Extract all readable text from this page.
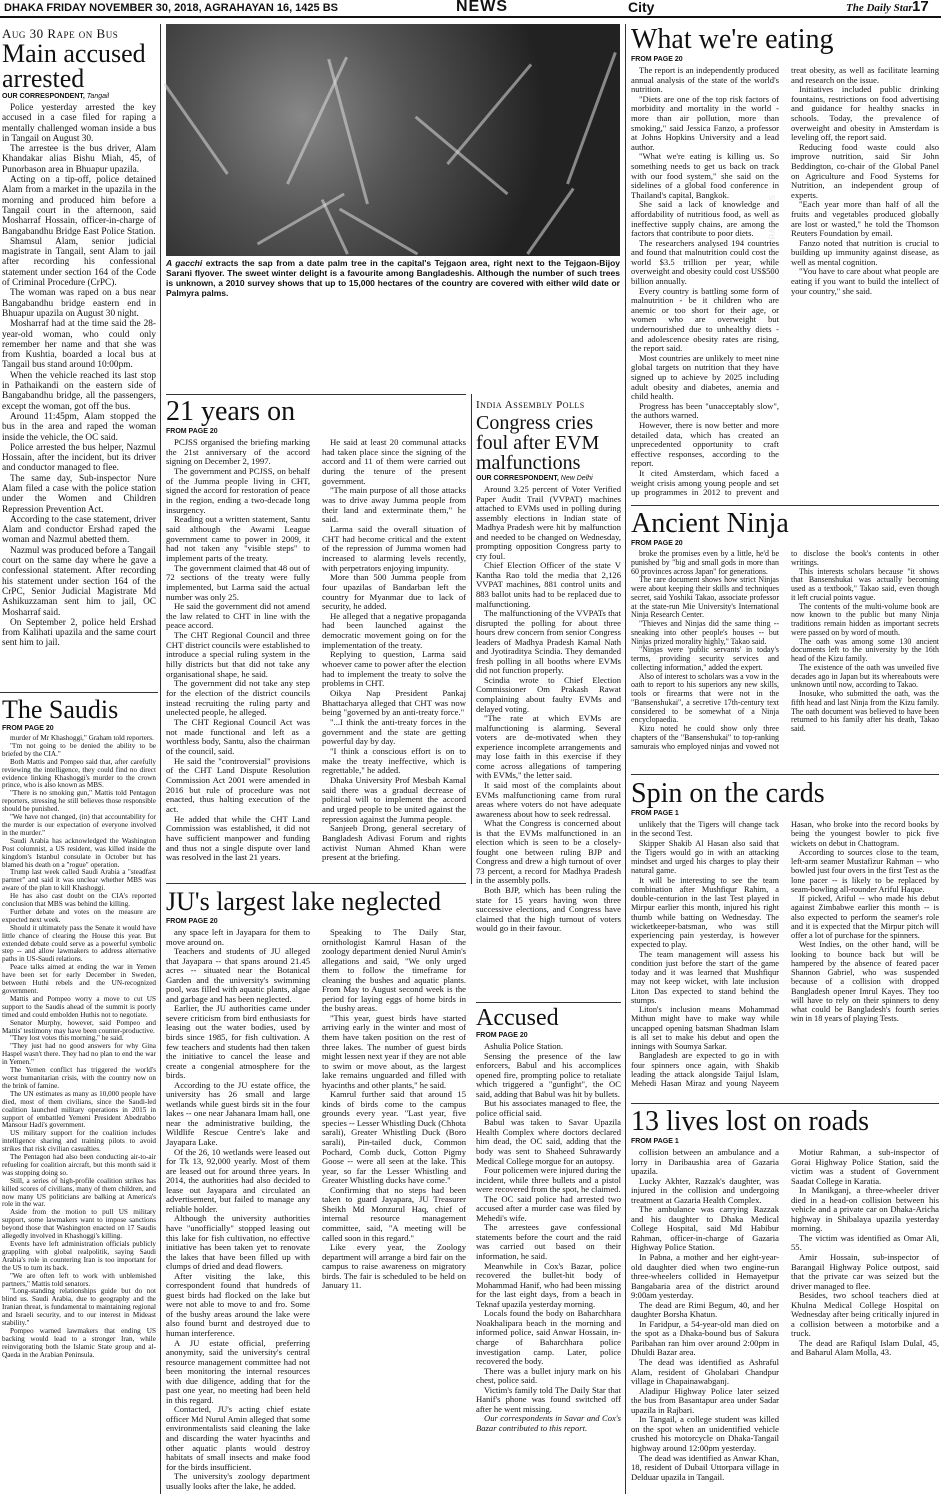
DHAKA FRIDAY NOVEMBER 30, 2018, AGRAHAYAN 16, 1425 BS	NEWS	City	The Daily Star 17
Aug 30 Rape on Bus
Main accused arrested
OUR CORRESPONDENT, Tangail

Police yesterday arrested the key accused in a case filed for raping a mentally challenged woman inside a bus in Tangail on August 30.

The arrestee is the bus driver, Alam Khandakar alias Bishu Miah, 45, of Punorbason area in Bhuapur upazila.

Acting on a tip-off, police detained Alam from a market in the upazila in the morning and produced him before a Tangail court in the afternoon, said Mosharraf Hossain, officer-in-charge of Bangabandhu Bridge East Police Station.

Shamsul Alam, senior judicial magistrate in Tangail, sent Alam to jail after recording his confessional statement under section 164 of the Code of Criminal Procedure (CrPC).

The woman was raped on a bus near Bangabandhu bridge eastern end in Bhuapur upazila on August 30 night.

Mosharraf had at the time said the 28-year-old woman, who could only remember her name and that she was from Kushtia, boarded a local bus at Tangail bus stand around 10:00pm.

When the vehicle reached its last stop in Pathaikandi on the eastern side of Bangabandhu bridge, all the passengers, except the woman, got off the bus.

Around 11:45pm, Alam stopped the bus in the area and raped the woman inside the vehicle, the OC said.

Police arrested the bus helper, Nazmul Hossain, after the incident, but its driver and conductor managed to flee.

The same day, Sub-inspector Nure Alam filed a case with the police station under the Women and Children Repression Prevention Act.

According to the case statement, driver Alam and conductor Ershad raped the woman and Nazmul abetted them.

Nazmul was produced before a Tangail court on the same day where he gave a confessional statement. After recording his statement under section 164 of the CrPC, Senior Judicial Magistrate Md Ashikuzzaman sent him to jail, OC Mosharraf said.

On September 2, police held Ershad from Kalihati upazila and the same court sent him to jail.

The Saudis
FROM PAGE 20

murder of Mr Khashoggi," Graham told reporters.

"I'm not going to be denied the ability to be briefed by the CIA."

Both Mattis and Pompeo said that, after carefully reviewing the intelligence, they could find no direct evidence linking Khashoggi's murder to the crown prince, who is also known as MBS.

"There is no smoking gun," Mattis told Pentagon reporters, stressing he still believes those responsible should be punished.

"We have not changed, (in) that accountability for the murder is our expectation of everyone involved in the murder."

Saudi Arabia has acknowledged the Washington Post columnist, a US resident, was killed inside the kingdom's Istanbul consulate in October but has blamed his death on a "rogue" operation.

Trump last week called Saudi Arabia a "steadfast partner" and said it was unclear whether MBS was aware of the plan to kill Khashoggi.

He has also cast doubt on the CIA's reported conclusion that MBS was behind the killing.

Further debate and votes on the measure are expected next week.

Should it ultimately pass the Senate it would have little chance of clearing the House this year. But extended debate could serve as a powerful symbolic step -- and allow lawmakers to address alternative paths in US-Saudi relations.

Peace talks aimed at ending the war in Yemen have been set for early December in Sweden, between Huthi rebels and the UN-recognized government.

Mattis and Pompeo worry a move to cut US support to the Saudis ahead of the summit is poorly timed and could embolden Huthis not to negotiate.

Senator Murphy, however, said Pompeo and Mattis' testimony may have been counter-productive.

"They lost votes this morning," he said.

"They just had no good answers for why Gina Haspel wasn't there. They had no plan to end the war in Yemen."

The Yemen conflict has triggered the world's worst humanitarian crisis, with the country now on the brink of famine.

The UN estimates as many as 10,000 people have died, most of them civilians, since the Saudi-led coalition launched military operations in 2015 in support of embattled Yemeni President Abedrabbo Mansour Hadi's government.

US military support for the coalition includes intelligence sharing and training pilots to avoid strikes that risk civilian casualties.

The Pentagon had also been conducting air-to-air refueling for coalition aircraft, but this month said it was stopping doing so.

Still, a series of high-profile coalition strikes has killed scores of civilians, many of them children, and now many US politicians are balking at America's role in the war.

Aside from the motion to pull US military support, some lawmakers want to impose sanctions beyond those that Washington enacted on 17 Saudis allegedly involved in Khashoggi's killing.

Events have left administration officials publicly grappling with global realpolitik, saying Saudi Arabia's role in countering Iran is too important for the US to turn its back.

"We are often left to work with unblemished partners," Mattis told senators.

"Long-standing relationships guide but do not blind us. Saudi Arabia, due to geography and the Iranian threat, is fundamental to maintaining regional and Israeli security, and to our interest in Mideast stability."

Pompeo warned lawmakers that ending US backing would lead to a stronger Iran, while reinvigorating both the Islamic State group and al-Qaeda in the Arabian Peninsula.

PHOTO: PRABIR DAS
A gacchi extracts the sap from a date palm tree in the capital's Tejgaon area, right next to the Tejgaon-Bijoy Sarani flyover. The sweet winter delight is a favourite among Bangladeshis. Although the number of such trees is unknown, a 2010 survey shows that up to 15,000 hectares of the country are covered with either wild date or Palmyra palms.
21 years on
FROM PAGE 20

PCJSS organised the briefing marking the 21st anniversary of the accord signing on December 2, 1997.

The government and PCJSS, on behalf of the Jumma people living in CHT, signed the accord for restoration of peace in the region, ending a two-decade long insurgency.

Reading out a written statement, Santu said although the Awami League government came to power in 2009, it had not taken any "visible steps" to implement parts of the treaty.

The government claimed that 48 out of 72 sections of the treaty were fully implemented, but Larma said the actual number was only 25.

He said the government did not amend the law related to CHT in line with the peace accord.

The CHT Regional Council and three CHT district councils were established to introduce a special ruling system in the hilly districts but that did not take any organisational shape, he said.

The government did not take any step for the election of the district councils instead recruiting the ruling party and unelected people, he alleged.

The CHT Regional Council Act was not made functional and left as a worthless body, Santu, also the chairman of the council, said.

He said the "controversial" provisions of the CHT Land Dispute Resolution Commission Act 2001 were amended in 2016 but rule of procedure was not enacted, thus halting execution of the act.

He added that while the CHT Land Commission was established, it did not have sufficient manpower and funding and thus not a single dispute over land was resolved in the last 21 years.

He said at least 20 communal attacks had taken place since the signing of the accord and 11 of them were carried out during the tenure of the present government.

"The main purpose of all those attacks was to drive away Jumma people from their land and exterminate them," he said.

Larma said the overall situation of CHT had become critical and the extent of the repression of Jumma women had increased to alarming levels recently, with perpetrators enjoying impunity.

More than 500 Jumma people from four upazilas of Bandarban left the country for Myanmar due to lack of security, he added.

He alleged that a negative propaganda had been launched against the democratic movement going on for the implementation of the treaty.

Replying to question, Larma said whoever came to power after the election had to implement the treaty to solve the problems in CHT.

Oikya Nap President Pankaj Bhattacharya alleged that CHT was now being "governed by an anti-treaty force."

"...I think the anti-treaty forces in the government and the state are getting powerful day by day.

"I think a conscious effort is on to make the treaty ineffective, which is regrettable," he added.

Dhaka University Prof Mesbah Kamal said there was a gradual decrease of political will to implement the accord and urged people to be united against the repression against the Jumma people.

Sanjeeb Drong, general secretary of Bangladesh Adivasi Forum and rights activist Numan Ahmed Khan were present at the briefing.

JU's largest lake neglected
FROM PAGE 20

any space left in Jayapara for them to move around on.

Teachers and students of JU alleged that Jayapara -- that spans around 21.45 acres -- situated near the Botanical Garden and the university's swimming pool, was filled with aquatic plants, algae and garbage and has been neglected.

Earlier, the JU authorities came under severe criticism from bird enthusiasts for leasing out the water bodies, used by birds since 1985, for fish cultivation. A few teachers and students had then taken the initiative to cancel the lease and create a congenial atmosphere for the birds.

According to the JU estate office, the university has 26 small and large wetlands while guest birds sit in the four lakes -- one near Jahanara Imam hall, one near the administrative building, the Wildlife Rescue Centre's lake and Jayapara Lake.

Of the 26, 10 wetlands were leased out for Tk 13, 92,000 yearly. Most of them are leased out for around three years. In 2014, the authorities had also decided to lease out Jayapara and circulated an advertisement, but failed to manage any reliable holder.

Although the university authorities have "unofficially" stopped leasing out this lake for fish cultivation, no effective initiative has been taken yet to renovate the lakes that have been filled up with clumps of dried and dead flowers.

After visiting the lake, this correspondent found that hundreds of guest birds had flocked on the lake but were not able to move to and fro. Some of the bushy areas around the lake were also found burnt and destroyed due to human interference.

A JU estate official, preferring anonymity, said the university's central resource management committee had not been monitoring the internal resources with due diligence, adding that for the past one year, no meeting had been held in this regard.

Contacted, JU's acting chief estate officer Md Nurul Amin alleged that some environmentalists said cleaning the lake and discarding the water hyacinths and other aquatic plants would destroy habitats of small insects and make food for the birds insufficient.

The university's zoology department usually looks after the lake, he added.

Speaking to The Daily Star, ornithologist Kamrul Hasan of the zoology department denied Nurul Amin's allegations and said, "We only urged them to follow the timeframe for cleaning the bushes and aquatic plants. From May to August second week is the period for laying eggs of home birds in the bushy areas.

"This year, guest birds have started arriving early in the winter and most of them have taken position on the rest of three lakes. The number of guest birds might lessen next year if they are not able to swim or move about, as the largest lake remains unguarded and filled with hyacinths and other plants," he said.

Kamrul further said that around 15 kinds of birds come to the campus grounds every year. "Last year, five species -- Lesser Whistling Duck (Chhota sarali), Greater Whistling Duck (Boro sarali), Pin-tailed duck, Common Pochard, Comb duck, Cotton Pigmy Goose -- were all seen at the lake. This year, so far the Lesser Whistling and Greater Whistling ducks have come."

Confirming that no steps had been taken to guard Jayapara, JU Treasurer Sheikh Md Monzurul Haq, chief of internal resource management committee, said, "A meeting will be called soon in this regard."

Like every year, the Zoology department will arrange a bird fair on the campus to raise awareness on migratory birds. The fair is scheduled to be held on January 11.

India Assembly Polls
Congress cries foul after EVM malfunctions
OUR CORRESPONDENT, New Delhi

Around 3.25 percent of Voter Verified Paper Audit Trail (VVPAT) machines attached to EVMs used in polling during assembly elections in Indian state of Madhya Pradesh were hit by malfunction and needed to be changed on Wednesday, prompting opposition Congress party to cry foul.

Chief Election Officer of the state V Kantha Rao told the media that 2,126 VVPAT machines, 881 control units and 883 ballot units had to be replaced due to malfunctioning.

The malfunctioning of the VVPATs that disrupted the polling for about three hours drew concern from senior Congress leaders of Madhya Pradesh Kamal Nath and Jyotiraditya Scindia. They demanded fresh polling in all booths where EVMs did not function properly.

Scindia wrote to Chief Election Commissioner Om Prakash Rawat complaining about faulty EVMs and delayed voting.

"The rate at which EVMs are malfunctioning is alarming. Several voters are de-motivated when they experience incomplete arrangements and may lose faith in this exercise if they come across allegations of tampering with EVMs," the letter said.

It said most of the complaints about EVMs malfunctioning came from rural areas where voters do not have adequate awareness about how to seek redressal.

What the Congress is concerned about is that the EVMs malfunctioned in an election which is seen to be a closely-fought one between ruling BJP and Congress and drew a high turnout of over 73 percent, a record for Madhya Pradesh in the assembly polls.

Both BJP, which has been ruling the state for 15 years having won three successive elections, and Congress have claimed that the high turnout of voters would go in their favour.

Accused
FROM PAGE 20

Ashulia Police Station.

Sensing the presence of the law enforcers, Babul and his accomplices opened fire, prompting police to retaliate which triggered a "gunfight", the OC said, adding that Babul was hit by bullets.

But his associates managed to flee, the police official said.

Babul was taken to Savar Upazila Health Complex where doctors declared him dead, the OC said, adding that the body was sent to Shaheed Suhrawardy Medical College morgue for an autopsy.

Four policemen were injured during the incident, while three bullets and a pistol were recovered from the spot, he claimed.

The OC said police had arrested two accused after a murder case was filed by Mehedi's wife.

The arrestees gave confessional statements before the court and the raid was carried out based on their information, he said.

Meanwhile in Cox's Bazar, police recovered the bullet-hit body of Mohammad Hanif, who had been missing for the last eight days, from a beach in Teknaf upazila yesterday morning.

Locals found the body on Baharchhara Noakhalipara beach in the morning and informed police, said Anwar Hossain, in-charge of Baharchhara police investigation camp. Later, police recovered the body.

There was a bullet injury mark on his chest, police said.

Victim's family told The Daily Star that Hanif's phone was found switched off after he went missing.

Our correspondents in Savar and Cox's Bazar contributed to this report.

What we're eating
FROM PAGE 20

The report is an independently produced annual analysis of the state of the world's nutrition.

"Diets are one of the top risk factors of morbidity and mortality in the world - more than air pollution, more than smoking," said Jessica Fanzo, a professor at Johns Hopkins University and a lead author.

"What we're eating is killing us. So something needs to get us back on track with our food system," she said on the sidelines of a global food conference in Thailand's capital, Bangkok.

She said a lack of knowledge and affordability of nutritious food, as well as ineffective supply chains, are among the factors that contribute to poor diets.

The researchers analysed 194 countries and found that malnutrition could cost the world $3.5 trillion per year, while overweight and obesity could cost US$500 billion annually.

Every country is battling some form of malnutrition - be it children who are anemic or too short for their age, or women who are overweight but undernourished due to unhealthy diets - and adolescence obesity rates are rising, the report said.

Most countries are unlikely to meet nine global targets on nutrition that they have signed up to achieve by 2025 including adult obesity and diabetes, anemia and child health.

Progress has been "unacceptably slow", the authors warned.

However, there is now better and more detailed data, which has created an unprecedented opportunity to craft effective responses, according to the report.

It cited Amsterdam, which faced a weight crisis among young people and set up programmes in 2012 to prevent and treat obesity, as well as facilitate learning and research on the issue.

Initiatives included public drinking fountains, restrictions on food advertising and guidance for healthy snacks in schools. Today, the prevalence of overweight and obesity in Amsterdam is leveling off, the report said.

Reducing food waste could also improve nutrition, said Sir John Beddington, co-chair of the Global Panel on Agriculture and Food Systems for Nutrition, an independent group of experts.

"Each year more than half of all the fruits and vegetables produced globally are lost or wasted," he told the Thomson Reuters Foundation by email.

Fanzo noted that nutrition is crucial to building up immunity against disease, as well as mental cognition.

"You have to care about what people are eating if you want to build the intellect of your country," she said.

Ancient Ninja
FROM PAGE 20

broke the promises even by a little, he'd be punished by "big and small gods in more than 60 provinces across Japan" for generations.

The rare document shows how strict Ninjas were about keeping their skills and techniques secret, said Yoshiki Takao, associate professor at the state-run Mie University's International Ninja Research Center.

"Thieves and Ninjas did the same thing -- sneaking into other people's houses -- but Ninjas prized morality highly," Takao said.

"Ninjas were 'public servants' in today's terms, providing security services and collecting information," added the expert.

Also of interest to scholars was a vow in the oath to report to his superiors any new skills, tools or firearms that were not in the "Bansenshukai", a secretive 17th-century text considered to be somewhat of a Ninja encyclopaedia.

Kizu noted he could show only three chapters of the "Bansenshukai" to top-ranking samurais who employed ninjas and vowed not to disclose the book's contents in other writings.

This interests scholars because "it shows that Bansenshukai was actually becoming used as a textbook," Takao said, even though it left crucial points vague.

The contents of the multi-volume book are now known to the public but many Ninja traditions remain hidden as important secrets were passed on by word of mouth.

The oath was among some 130 ancient documents left to the university by the 16th head of the Kizu family.

The existence of the oath was unveiled five decades ago in Japan but its whereabouts were unknown until now, according to Takao.

Inosuke, who submitted the oath, was the fifth head and last Ninja from the Kizu family. The oath document was believed to have been returned to his family after his death, Takao said.

Spin on the cards
FROM PAGE 1

unlikely that the Tigers will change tack in the second Test.

Skipper Shakib Al Hasan also said that the Tigers would go in with an attacking mindset and urged his charges to play their natural game.

It will be interesting to see the team combination after Mushfiqur Rahim, a double-centurion in the last Test played in Mirpur earlier this month, injured his right thumb while batting on Wednesday. The wicketkeeper-batsman, who was still experiencing pain yesterday, is however expected to play.

The team management will assess his condition just before the start of the game today and it was learned that Mushfiqur may not keep wicket, with late inclusion Liton Das expected to stand behind the stumps.

Liton's inclusion means Mohammad Mithun might have to make way while uncapped opening batsman Shadman Islam is all set to make his debut and open the innings with Soumya Sarkar.

Bangladesh are expected to go in with four spinners once again, with Shakib leading the attack alongside Taijul Islam, Mehedi Hasan Miraz and young Nayeem Hasan, who broke into the record books by being the youngest bowler to pick five wickets on debut in Chattogram.

According to sources close to the team, left-arm seamer Mustafizur Rahman -- who bowled just four overs in the first Test as the lone pacer -- is likely to be replaced by seam-bowling all-rounder Ariful Haque.

If picked, Ariful -- who made his debut against Zimbabwe earlier this month -- is also expected to perform the seamer's role and it is expected that the Mirpur pitch will offer a lot of purchase for the spinners.

West Indies, on the other hand, will be looking to bounce back but will be hampered by the absence of feared pacer Shannon Gabriel, who was suspended because of a collision with dropped Bangladesh opener Imrul Kayes. They too will have to rely on their spinners to deny what could be Bangladesh's fourth series win in 18 years of playing Tests.

13 lives lost on roads
FROM PAGE 1

collision between an ambulance and a lorry in Daribaushia area of Gazaria upazila.

Lucky Akhter, Razzak's daughter, was injured in the collision and undergoing treatment at Gazaria Health Complex.

The ambulance was carrying Razzak and his daughter to Dhaka Medical College Hospital, said Md Habibur Rahman, officer-in-charge of Gazaria Highway Police Station.

In Pabna, a mother and her eight-year-old daughter died when two engine-run three-wheelers collided in Hemayetpur Bangabaria area of the district around 9:00am yesterday.

The dead are Rimi Begum, 40, and her daughter Borsha Khatun.

In Faridpur, a 54-year-old man died on the spot as a Dhaka-bound bus of Sakura Paribahan ran him over around 2:00pm in Dhuldi Bazar area.

The dead was identified as Ashraful Alam, resident of Gholabari Chandpur village in Chapainawabganj.

Aladipur Highway Police later seized the bus from Basantapur area under Sadar upazila in Rajbari.

In Tangail, a college student was killed on the spot when an unidentified vehicle crushed his motorcycle on Dhaka-Tangail highway around 12:00pm yesterday.

The dead was identified as Anwar Khan, 18, resident of Dubail Uttorpara village in Delduar upazila in Tangail.

Motiur Rahman, a sub-inspector of Gorai Highway Police Station, said the victim was a student of Government Saadat College in Karatia.

In Manikganj, a three-wheeler driver died in a head-on collision between his vehicle and a private car on Dhaka-Aricha highway in Shibalaya upazila yesterday morning.

The victim was identified as Omar Ali, 55.

Amir Hossain, sub-inspector of Barangail Highway Police outpost, said that the private car was seized but the driver managed to flee.

Besides, two school teachers died at Khulna Medical College Hospital on Wednesday after being critically injured in a collision between a motorbike and a truck.

The dead are Rafiqul Islam Dulal, 45, and Baharul Alam Molla, 43.
